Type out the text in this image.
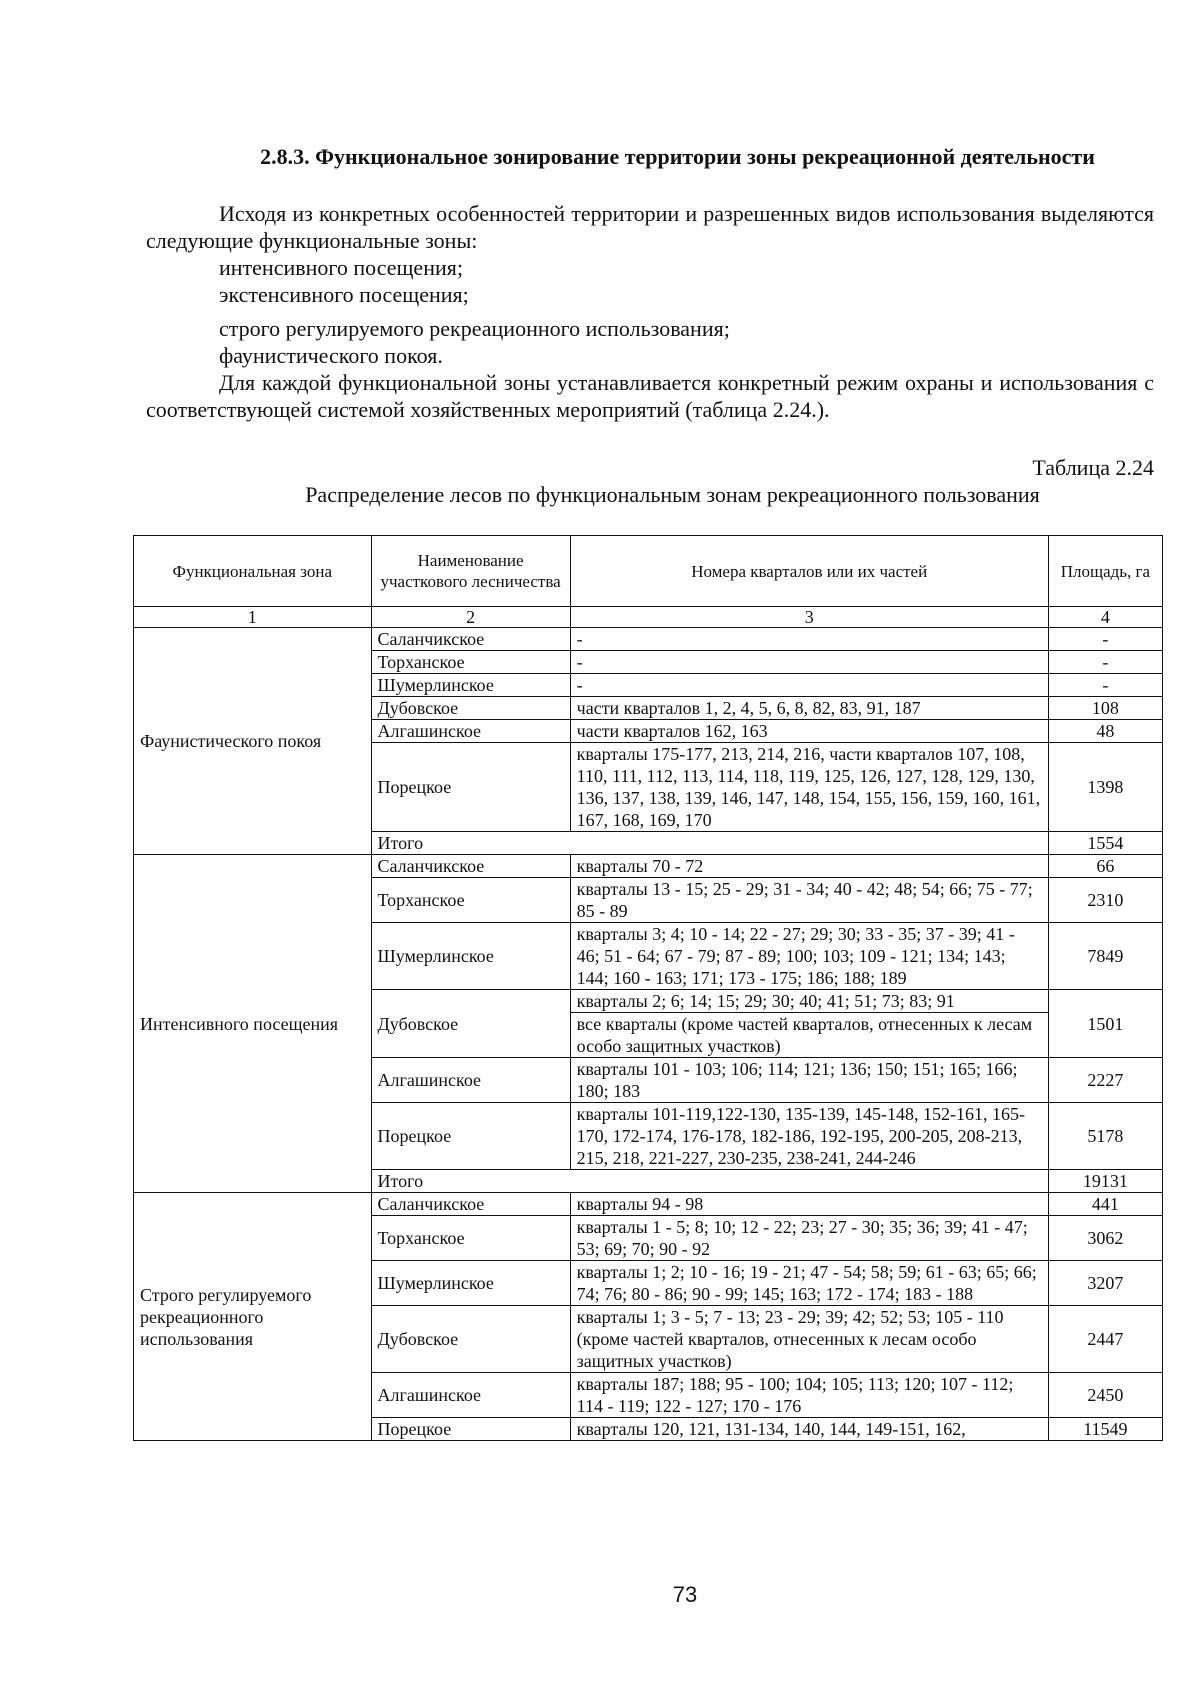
2.8.3. Функциональное зонирование территории зоны рекреационной деятельности
Исходя из конкретных особенностей территории и разрешенных видов использования выделяются следующие функциональные зоны:
интенсивного посещения;
экстенсивного посещения;
строго регулируемого рекреационного использования;
фаунистического покоя.
Для каждой функциональной зоны устанавливается конкретный режим охраны и использования с соответствующей системой хозяйственных мероприятий (таблица 2.24.).
Таблица 2.24
Распределение лесов по функциональным зонам рекреационного пользования
Функциональная зона	Наименование участкового лесничества	Номера кварталов или их частей	Площадь, га
1	2	3	4
Фаунистического покоя	Саланчикское	-	-
	Торханское	-	-
	Шумерлинское	-	-
	Дубовское	части кварталов 1, 2, 4, 5, 6, 8, 82, 83, 91, 187	108
	Алгашинское	части кварталов 162, 163	48
	Порецкое	кварталы 175-177, 213, 214, 216, части кварталов 107, 108, 110, 111, 112, 113, 114, 118, 119, 125, 126, 127, 128, 129, 130, 136, 137, 138, 139, 146, 147, 148, 154, 155, 156, 159, 160, 161, 167, 168, 169, 170	1398
	Итого		1554
Интенсивного посещения	Саланчикское	кварталы 70 - 72	66
	Торханское	кварталы 13 - 15; 25 - 29; 31 - 34; 40 - 42; 48; 54; 66; 75 - 77; 85 - 89	2310
	Шумерлинское	кварталы 3; 4; 10 - 14; 22 - 27; 29; 30; 33 - 35; 37 - 39; 41 - 46; 51 - 64; 67 - 79; 87 - 89; 100; 103; 109 - 121; 134; 143; 144; 160 - 163; 171; 173 - 175; 186; 188; 189	7849
	Дубовское	кварталы 2; 6; 14; 15; 29; 30; 40; 41; 51; 73; 83; 91	1501
		все кварталы (кроме частей кварталов, отнесенных к лесам особо защитных участков)	
	Алгашинское	кварталы 101 - 103; 106; 114; 121; 136; 150; 151; 165; 166; 180; 183	2227
	Порецкое	кварталы 101-119,122-130, 135-139, 145-148, 152-161, 165-170, 172-174, 176-178, 182-186, 192-195, 200-205, 208-213, 215, 218, 221-227, 230-235, 238-241, 244-246	5178
	Итого		19131
Строго регулируемого рекреационного использования	Саланчикское	кварталы 94 - 98	441
	Торханское	кварталы 1 - 5; 8; 10; 12 - 22; 23; 27 - 30; 35; 36; 39; 41 - 47; 53; 69; 70; 90 - 92	3062
	Шумерлинское	кварталы 1; 2; 10 - 16; 19 - 21; 47 - 54; 58; 59; 61 - 63; 65; 66; 74; 76; 80 - 86; 90 - 99; 145; 163; 172 - 174; 183 - 188	3207
	Дубовское	кварталы 1; 3 - 5; 7 - 13; 23 - 29; 39; 42; 52; 53; 105 - 110 (кроме частей кварталов, отнесенных к лесам особо защитных участков)	2447
	Алгашинское	кварталы 187; 188; 95 - 100; 104; 105; 113; 120; 107 - 112; 114 - 119; 122 - 127; 170 - 176	2450
	Порецкое	кварталы 120, 121, 131-134, 140, 144, 149-151, 162,	11549
73
